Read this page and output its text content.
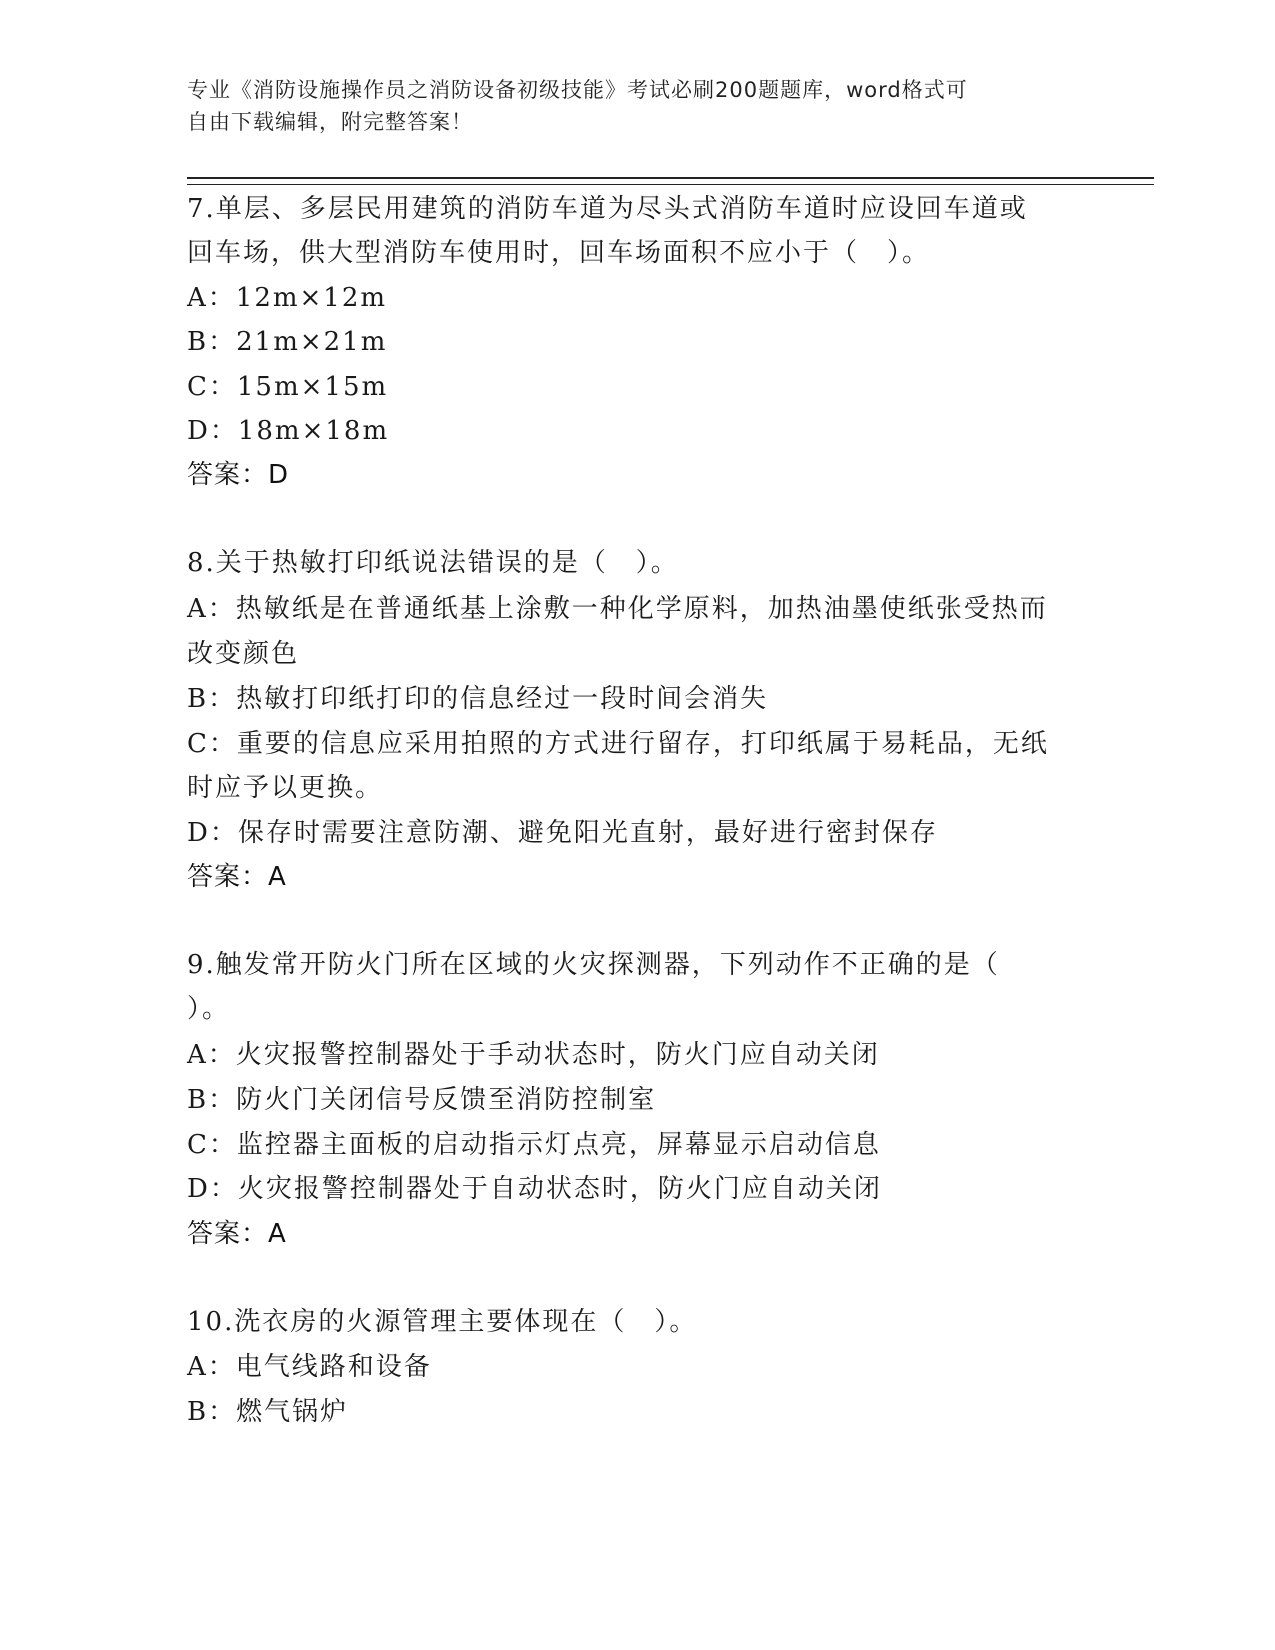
专业《消防设施操作员之消防设备初级技能》考试必刷200题题库，word格式可
自由下载编辑，附完整答案！
7.单层、多层民用建筑的消防车道为尽头式消防车道时应设回车道或
回车场，供大型消防车使用时，回车场面积不应小于（　）。
A：12m×12m
B：21m×21m
C：15m×15m
D：18m×18m
答案：D
8.关于热敏打印纸说法错误的是（　）。
A：热敏纸是在普通纸基上涂敷一种化学原料，加热油墨使纸张受热而
改变颜色
B：热敏打印纸打印的信息经过一段时间会消失
C：重要的信息应采用拍照的方式进行留存，打印纸属于易耗品，无纸
时应予以更换。
D：保存时需要注意防潮、避免阳光直射，最好进行密封保存
答案：A
9.触发常开防火门所在区域的火灾探测器，下列动作不正确的是（
）。
A：火灾报警控制器处于手动状态时，防火门应自动关闭
B：防火门关闭信号反馈至消防控制室
C：监控器主面板的启动指示灯点亮，屏幕显示启动信息
D：火灾报警控制器处于自动状态时，防火门应自动关闭
答案：A
10.洗衣房的火源管理主要体现在（　）。
A：电气线路和设备
B：燃气锅炉
